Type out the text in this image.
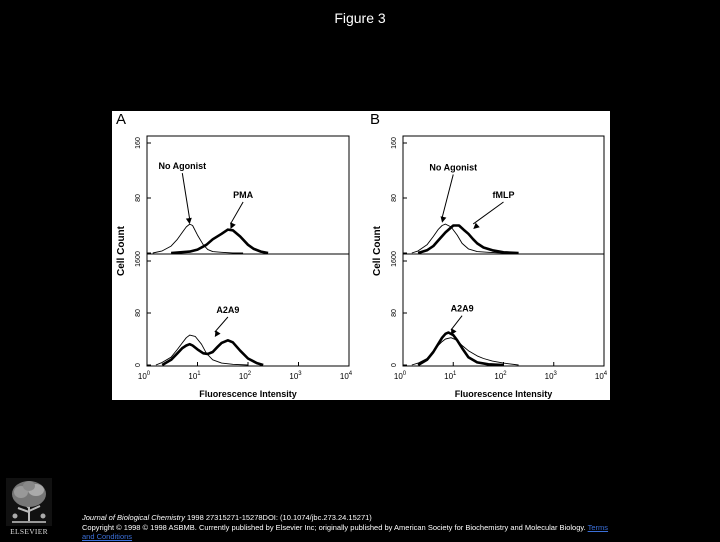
Figure 3
A
Cell Count
Fluorescence Intensity
$10^0$	$10^1$	$10^2$	$10^3$	$10^4$
0
80
160
No Agonist
PMA
0
80
160
A2A9
B
Cell Count
Fluorescence Intensity
$10^0$	$10^1$	$10^2$	$10^3$	$10^4$
0
80
160
No Agonist
fMLP
0
80
160
A2A9
Journal of Biological Chemistry 1998 27315271-15278DOI: (10.1074/jbc.273.24.15271)
Copyright © 1998 © 1998 ASBMB. Currently published by Elsevier Inc; originally published by American Society for Biochemistry and Molecular Biology. Terms and Conditions
ELSEVIER
